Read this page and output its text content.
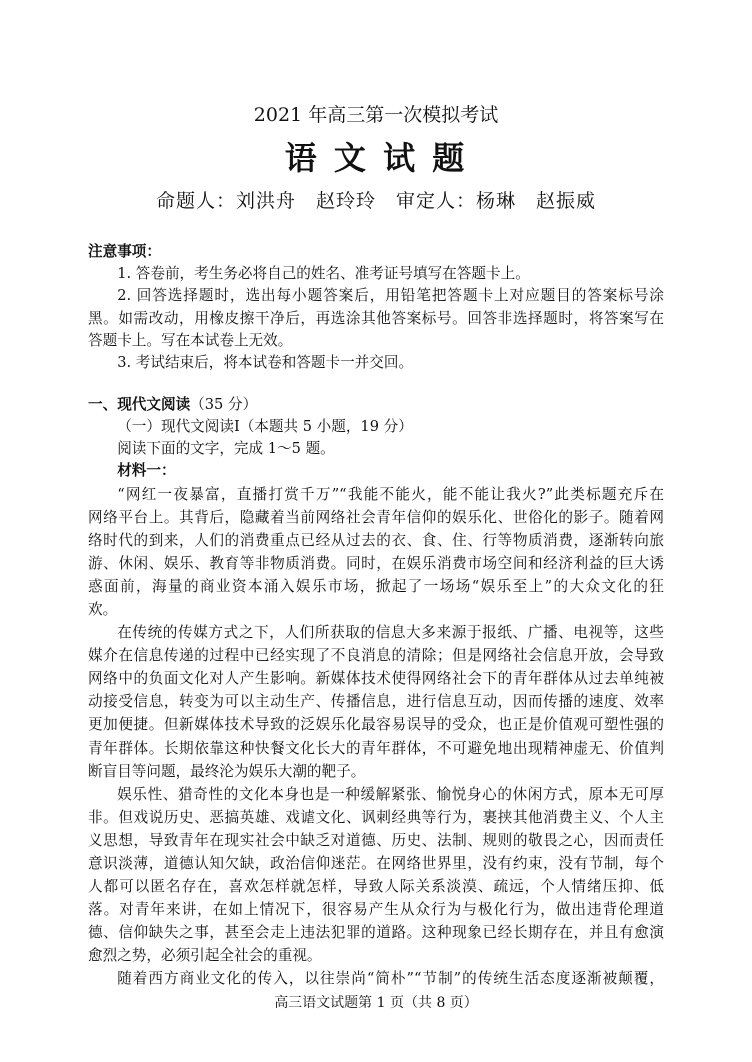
2021 年高三第一次模拟考试
语 文 试 题
命题人：刘洪舟　赵玲玲　审定人：杨琳　赵振威
注意事项：
1. 答卷前，考生务必将自己的姓名、准考证号填写在答题卡上。
2. 回答选择题时，选出每小题答案后，用铅笔把答题卡上对应题目的答案标号涂
黑。如需改动，用橡皮擦干净后，再选涂其他答案标号。回答非选择题时，将答案写在
答题卡上。写在本试卷上无效。
3. 考试结束后，将本试卷和答题卡一并交回。
一、现代文阅读（35 分）
（一）现代文阅读Ⅰ（本题共 5 小题，19 分）
阅读下面的文字，完成 1～5 题。
材料一：
“网红一夜暴富，直播打赏千万”“我能不能火，能不能让我火?”此类标题充斥在
网络平台上。其背后，隐藏着当前网络社会青年信仰的娱乐化、世俗化的影子。随着网
络时代的到来，人们的消费重点已经从过去的衣、食、住、行等物质消费，逐渐转向旅
游、休闲、娱乐、教育等非物质消费。同时，在娱乐消费市场空间和经济利益的巨大诱
惑面前，海量的商业资本涌入娱乐市场，掀起了一场场“娱乐至上”的大众文化的狂
欢。
在传统的传媒方式之下，人们所获取的信息大多来源于报纸、广播、电视等，这些
媒介在信息传递的过程中已经实现了不良消息的清除；但是网络社会信息开放，会导致
网络中的负面文化对人产生影响。新媒体技术使得网络社会下的青年群体从过去单纯被
动接受信息，转变为可以主动生产、传播信息，进行信息互动，因而传播的速度、效率
更加便捷。但新媒体技术导致的泛娱乐化最容易误导的受众，也正是价值观可塑性强的
青年群体。长期依靠这种快餐文化长大的青年群体，不可避免地出现精神虚无、价值判
断盲目等问题，最终沦为娱乐大潮的靶子。
娱乐性、猎奇性的文化本身也是一种缓解紧张、愉悦身心的休闲方式，原本无可厚
非。但戏说历史、恶搞英雄、戏谑文化、讽刺经典等行为，裹挟其他消费主义、个人主
义思想，导致青年在现实社会中缺乏对道德、历史、法制、规则的敬畏之心，因而责任
意识淡薄，道德认知欠缺，政治信仰迷茫。在网络世界里，没有约束，没有节制，每个
人都可以匿名存在，喜欢怎样就怎样，导致人际关系淡漠、疏远，个人情绪压抑、低
落。对青年来讲，在如上情况下，很容易产生从众行为与极化行为，做出违背伦理道
德、信仰缺失之事，甚至会走上违法犯罪的道路。这种现象已经长期存在，并且有愈演
愈烈之势，必须引起全社会的重视。
随着西方商业文化的传入，以往崇尚“简朴”“节制”的传统生活态度逐渐被颠覆，
高三语文试题第 1 页（共 8 页）
